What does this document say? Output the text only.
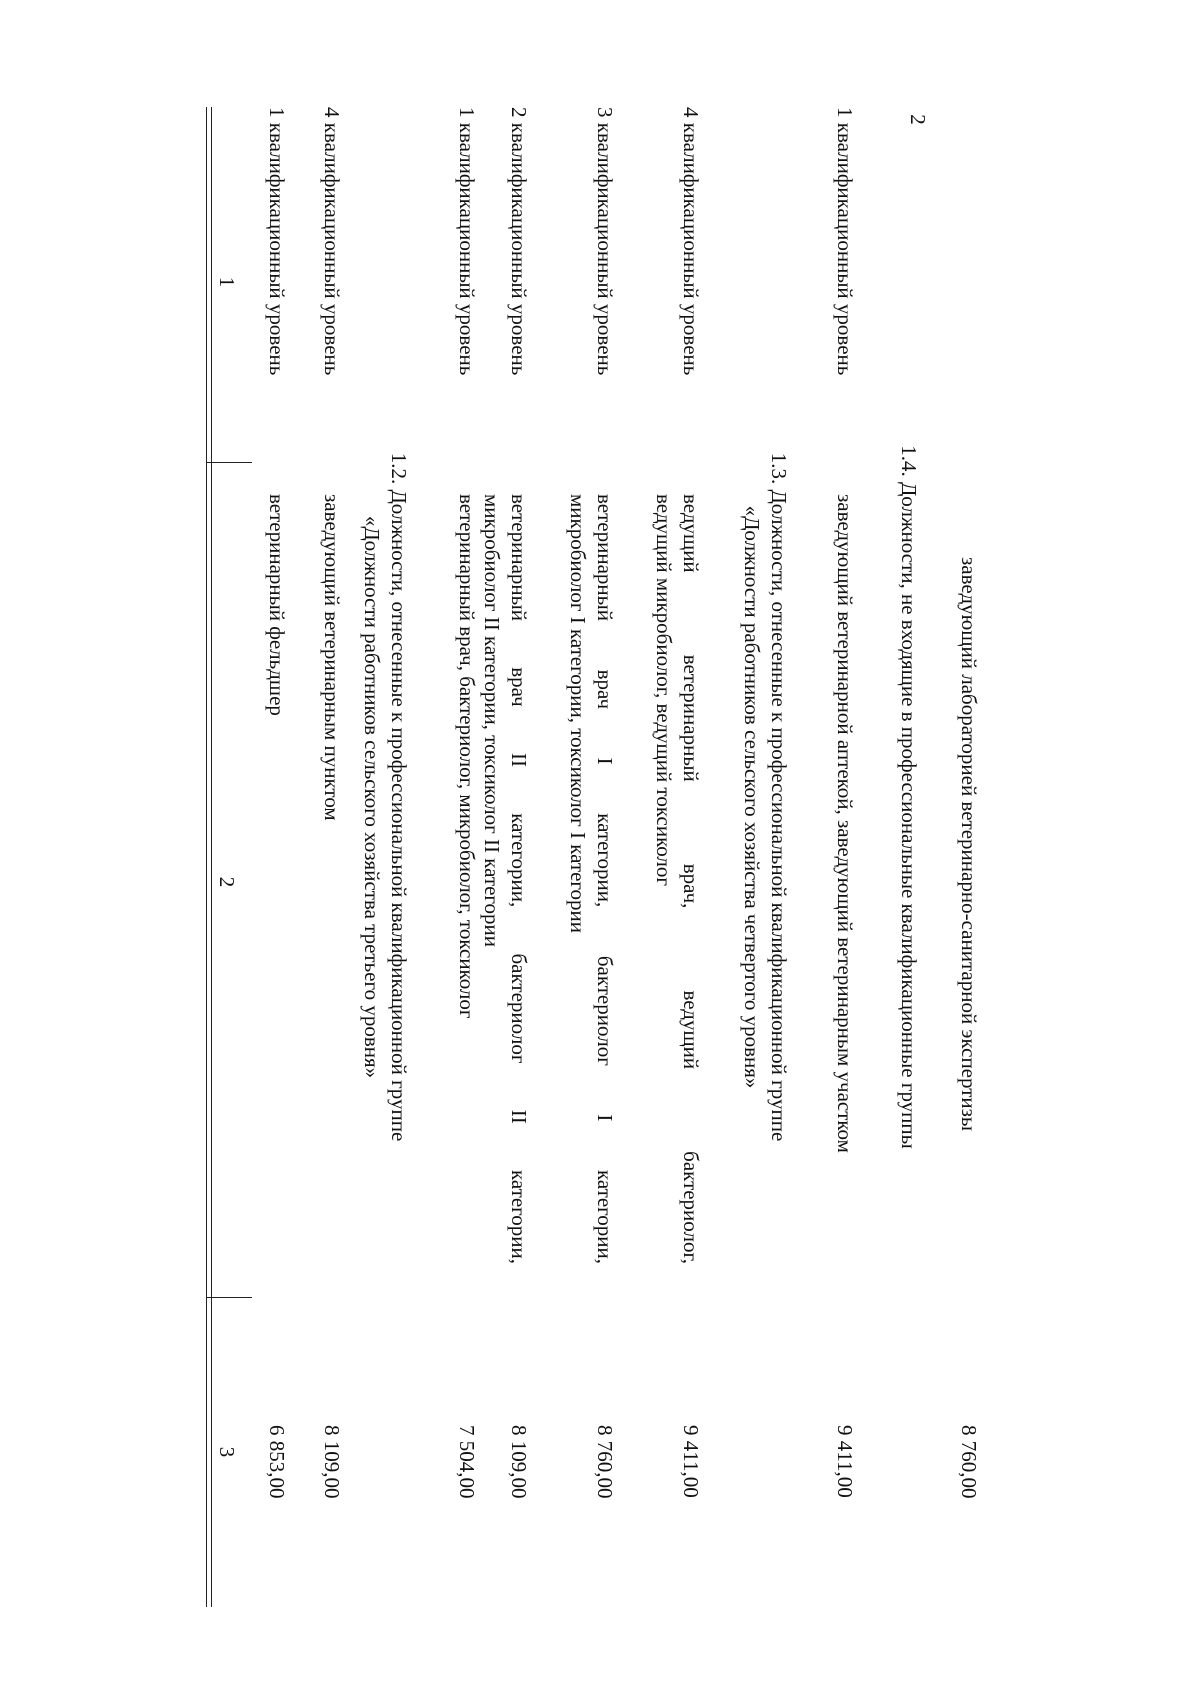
2
1
2
3
1 квалификационный уровень
ветеринарный фельдшер
6 853,00
4 квалификационный уровень
заведующий ветеринарным пунктом
8 109,00
1.2. Должности, отнесенные к профессиональной квалификационной группе
«Должности работников сельского хозяйства третьего уровня»
1 квалификационный уровень
ветеринарный врач, бактериолог, микробиолог, токсиколог
7 504,00
2 квалификационный уровень
ветеринарный врач II категории, бактериолог II категории,
микробиолог II категории, токсиколог II категории
8 109,00
3 квалификационный уровень
ветеринарный врач I категории, бактериолог I категории,
микробиолог I категории, токсиколог I категории
8 760,00
4 квалификационный уровень
ведущий ветеринарный врач, ведущий бактериолог,
ведущий микробиолог, ведущий токсиколог
9 411,00
1.3. Должности, отнесенные к профессиональной квалификационной группе
«Должности работников сельского хозяйства четвертого уровня»
1 квалификационный уровень
заведующий ветеринарной аптекой, заведующий ветеринарным участком
9 411,00
1.4. Должности, не входящие в профессиональные квалификационные группы заведующий лабораторией ветеринарно-санитарной экспертизы
8 760,00
